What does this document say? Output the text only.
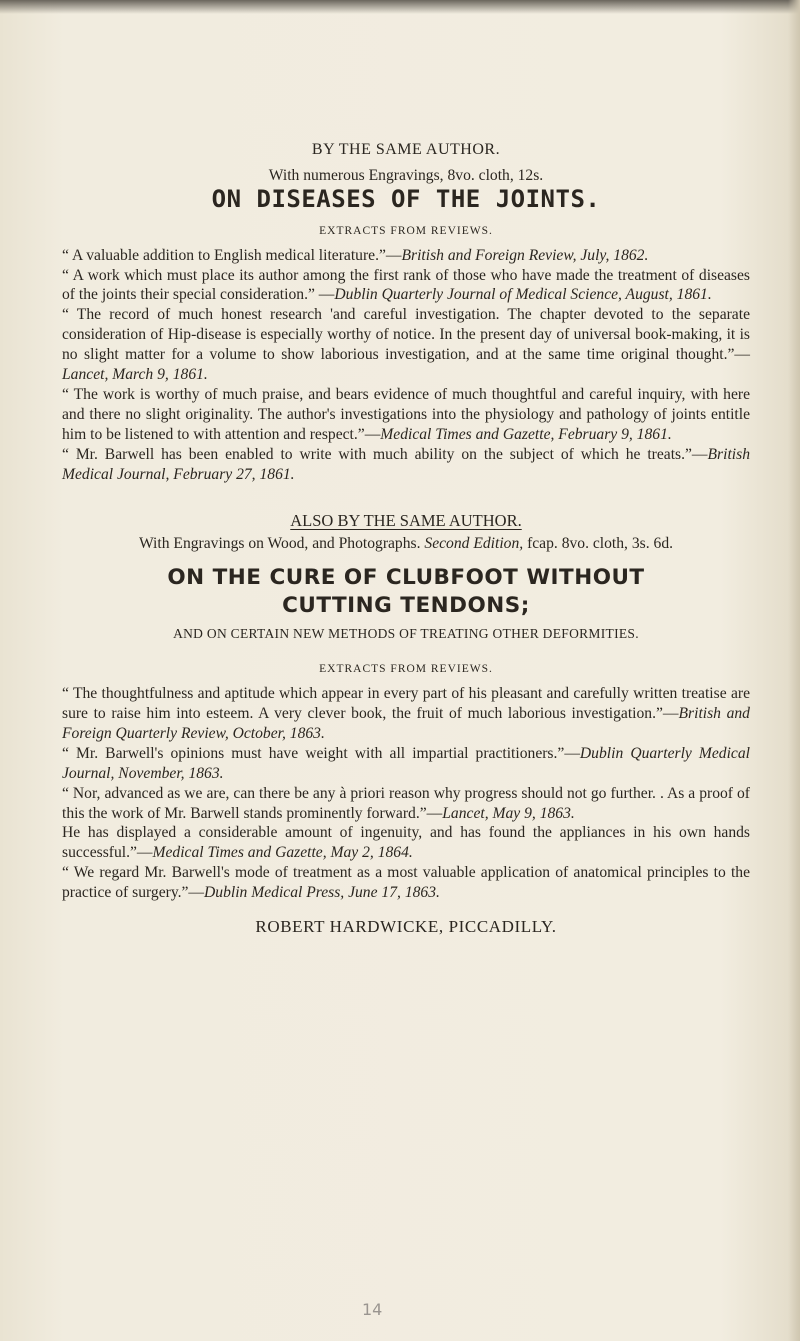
BY THE SAME AUTHOR.
With numerous Engravings, 8vo. cloth, 12s.
ON DISEASES OF THE JOINTS.
EXTRACTS FROM REVIEWS.

“ A valuable addition to English medical literature.”—British and Foreign Review, July, 1862.

“ A work which must place its author among the first rank of those who have made the treatment of diseases of the joints their special consideration.” —Dublin Quarterly Journal of Medical Science, August, 1861.

“ The record of much honest research 'and careful investigation. The chapter devoted to the separate consideration of Hip-disease is especially worthy of notice. In the present day of universal book-making, it is no slight matter for a volume to show laborious investigation, and at the same time original thought.”—Lancet, March 9, 1861.

“ The work is worthy of much praise, and bears evidence of much thoughtful and careful inquiry, with here and there no slight originality. The author's investigations into the physiology and pathology of joints entitle him to be listened to with attention and respect.”—Medical Times and Gazette, February 9, 1861.

“ Mr. Barwell has been enabled to write with much ability on the subject of which he treats.”—British Medical Journal, February 27, 1861.

ALSO BY THE SAME AUTHOR.
With Engravings on Wood, and Photographs. Second Edition, fcap. 8vo. cloth, 3s. 6d.
ON THE CURE OF CLUBFOOT WITHOUT
CUTTING TENDONS;
AND ON CERTAIN NEW METHODS OF TREATING OTHER DEFORMITIES.
EXTRACTS FROM REVIEWS.

“ The thoughtfulness and aptitude which appear in every part of his pleasant and carefully written treatise are sure to raise him into esteem. A very clever book, the fruit of much laborious investigation.”—British and Foreign Quarterly Review, October, 1863.

“ Mr. Barwell's opinions must have weight with all impartial practitioners.”—Dublin Quarterly Medical Journal, November, 1863.

“ Nor, advanced as we are, can there be any à priori reason why progress should not go further. . As a proof of this the work of Mr. Barwell stands prominently forward.”—Lancet, May 9, 1863.

He has displayed a considerable amount of ingenuity, and has found the appliances in his own hands successful.”—Medical Times and Gazette, May 2, 1864.

“ We regard Mr. Barwell's mode of treatment as a most valuable application of anatomical principles to the practice of surgery.”—Dublin Medical Press, June 17, 1863.

ROBERT HARDWICKE, PICCADILLY.
14
